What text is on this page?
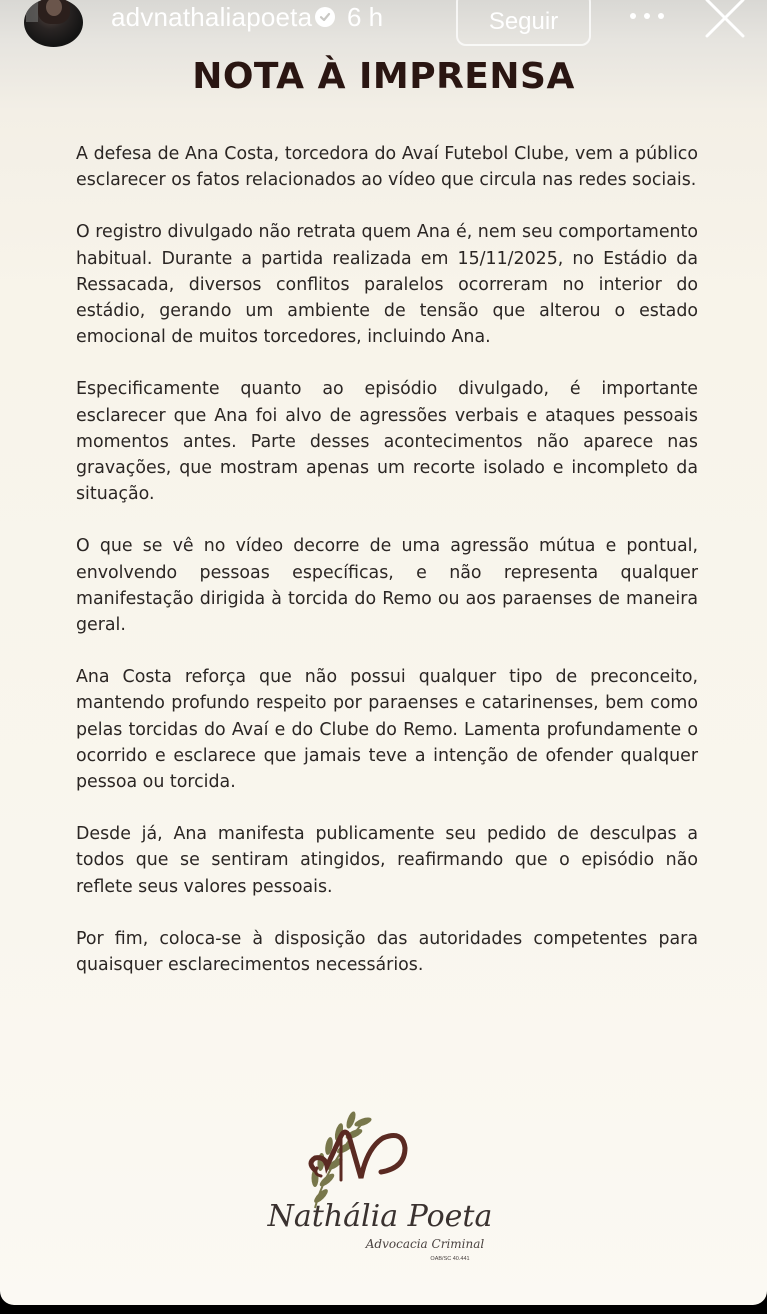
advnathaliapoeta 6 h	Seguir
NOTA À IMPRENSA

A defesa de Ana Costa, torcedora do Avaí Futebol Clube, vem a público esclarecer os fatos relacionados ao vídeo que circula nas redes sociais.

O registro divulgado não retrata quem Ana é, nem seu comportamento habitual. Durante a partida realizada em 15/11/2025, no Estádio da Ressacada, diversos conflitos paralelos ocorreram no interior do estádio, gerando um ambiente de tensão que alterou o estado emocional de muitos torcedores, incluindo Ana.

Especificamente quanto ao episódio divulgado, é importante esclarecer que Ana foi alvo de agressões verbais e ataques pessoais momentos antes. Parte desses acontecimentos não aparece nas gravações, que mostram apenas um recorte isolado e incompleto da situação.

O que se vê no vídeo decorre de uma agressão mútua e pontual, envolvendo pessoas específicas, e não representa qualquer manifestação dirigida à torcida do Remo ou aos paraenses de maneira geral.

Ana Costa reforça que não possui qualquer tipo de preconceito, mantendo profundo respeito por paraenses e catarinenses, bem como pelas torcidas do Avaí e do Clube do Remo. Lamenta profundamente o ocorrido e esclarece que jamais teve a intenção de ofender qualquer pessoa ou torcida.

Desde já, Ana manifesta publicamente seu pedido de desculpas a todos que se sentiram atingidos, reafirmando que o episódio não reflete seus valores pessoais.

Por fim, coloca-se à disposição das autoridades competentes para quaisquer esclarecimentos necessários.

Nathália Poeta
Advocacia Criminal
OAB/SC 40.441
